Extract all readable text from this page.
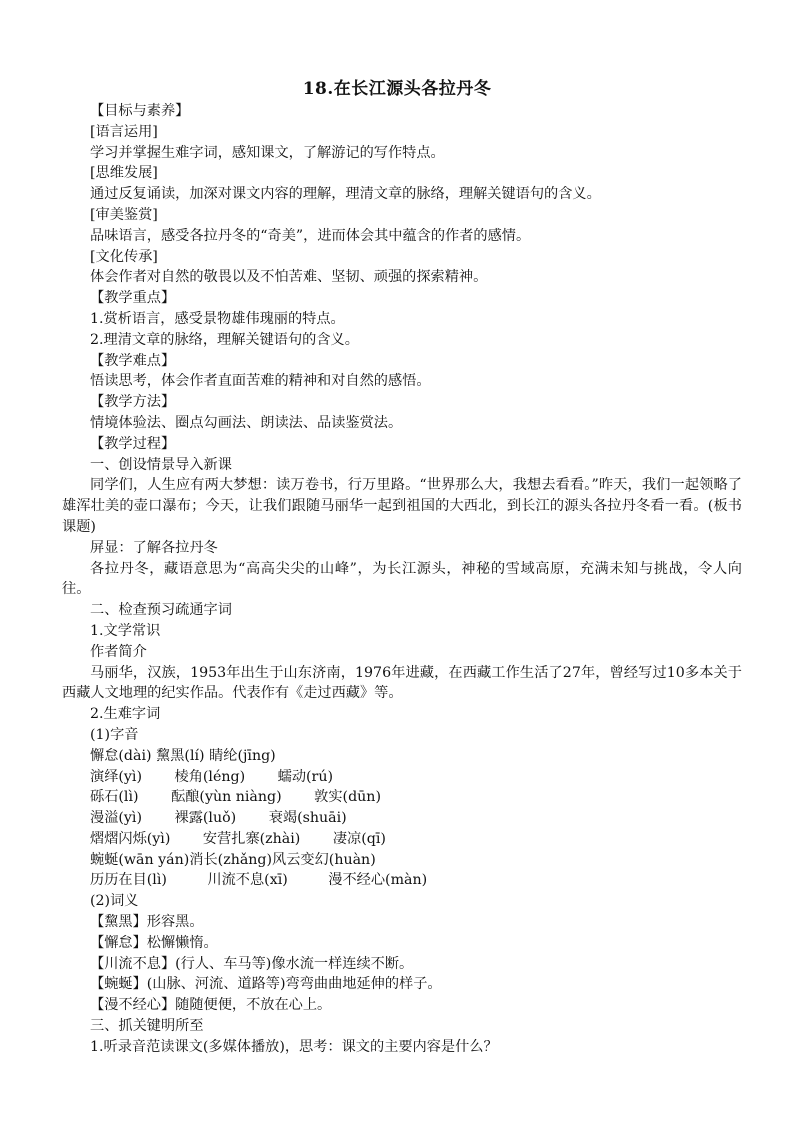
18.在长江源头各拉丹冬
【目标与素养】
[语言运用]
学习并掌握生难字词，感知课文，了解游记的写作特点。
[思维发展]
通过反复诵读，加深对课文内容的理解，理清文章的脉络，理解关键语句的含义。
[审美鉴赏]
品味语言，感受各拉丹冬的“奇美”，进而体会其中蕴含的作者的感情。
[文化传承]
体会作者对自然的敬畏以及不怕苦难、坚韧、顽强的探索精神。
【教学重点】
1.赏析语言，感受景物雄伟瑰丽的特点。
2.理清文章的脉络，理解关键语句的含义。
【教学难点】
悟读思考，体会作者直面苦难的精神和对自然的感悟。
【教学方法】
情境体验法、圈点勾画法、朗读法、品读鉴赏法。
【教学过程】
一、创设情景导入新课
同学们，人生应有两大梦想：读万卷书，行万里路。“世界那么大，我想去看看。”昨天，我们一起领略了雄浑壮美的壶口瀑布；今天，让我们跟随马丽华一起到祖国的大西北，到长江的源头各拉丹冬看一看。(板书课题)
屏显：了解各拉丹冬
各拉丹冬，藏语意思为“高高尖尖的山峰”，为长江源头，神秘的雪域高原，充满未知与挑战，令人向往。
二、检查预习疏通字词
1.文学常识
作者简介
马丽华，汉族，1953年出生于山东济南，1976年进藏，在西藏工作生活了27年，曾经写过10多本关于西藏人文地理的纪实作品。代表作有《走过西藏》等。
2.生难字词
(1)字音
懈怠(dài) 黧黑(lí) 睛纶(jīng)
演绎(yì) 棱角(léng) 蠕动(rú)
砾石(lì) 酝酿(yùn niàng) 敦实(dūn)
漫溢(yì) 裸露(luǒ) 衰竭(shuāi)
熠熠闪烁(yì) 安营扎寨(zhài) 凄凉(qī)
蜿蜒(wān yán)消长(zhǎng)风云变幻(huàn)
历历在目(lì)	川流不息(xī)	漫不经心(màn)
(2)词义
【黧黑】形容黑。
【懈怠】松懈懒惰。
【川流不息】(行人、车马等)像水流一样连续不断。
【蜿蜒】(山脉、河流、道路等)弯弯曲曲地延伸的样子。
【漫不经心】随随便便，不放在心上。
三、抓关键明所至
1.听录音范读课文(多媒体播放)，思考：课文的主要内容是什么？
